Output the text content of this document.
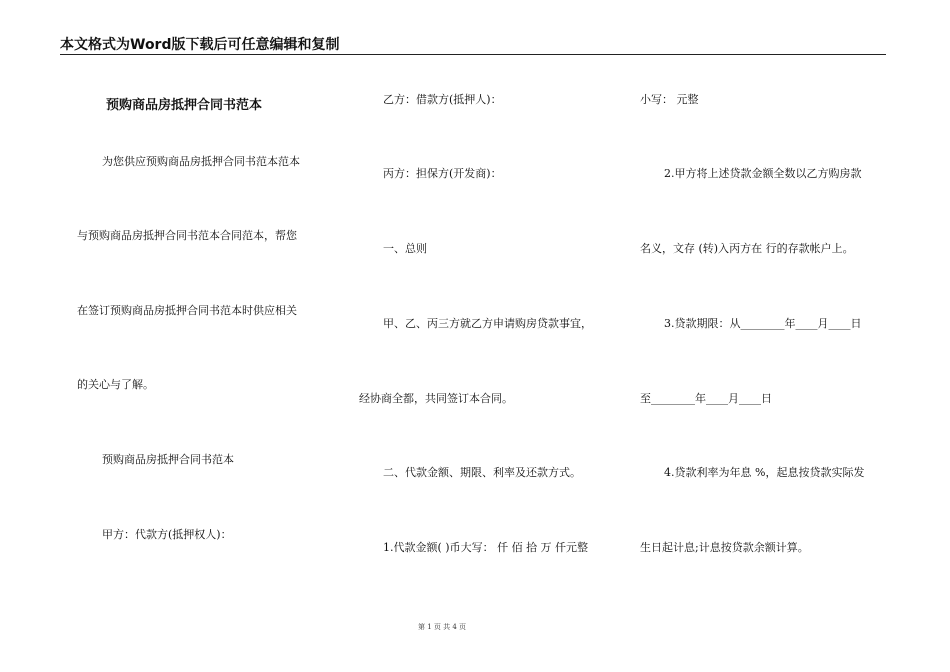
本文格式为Word版下载后可任意编辑和复制
预购商品房抵押合同书范本
为您供应预购商品房抵押合同书范本范本
与预购商品房抵押合同书范本合同范本，帮您
在签订预购商品房抵押合同书范本时供应相关
的关心与了解。
预购商品房抵押合同书范本
甲方：代款方(抵押权人)：
乙方：借款方(抵押人)：
丙方：担保方(开发商)：
一、总则
甲、乙、丙三方就乙方申请购房贷款事宜，
经协商全都，共同签订本合同。
二、代款金额、期限、利率及还款方式。
1.代款金额( )币大写： 仟 佰 拾 万 仟元整
小写： 元整
2.甲方将上述贷款金额全数以乙方购房款
名义，文存 (转)入丙方在 行的存款帐户上。
3.贷款期限：从________年____月____日
至________年____月____日
4.贷款利率为年息 %，起息按贷款实际发
生日起计息;计息按贷款余额计算。
第 1 页 共 4 页
